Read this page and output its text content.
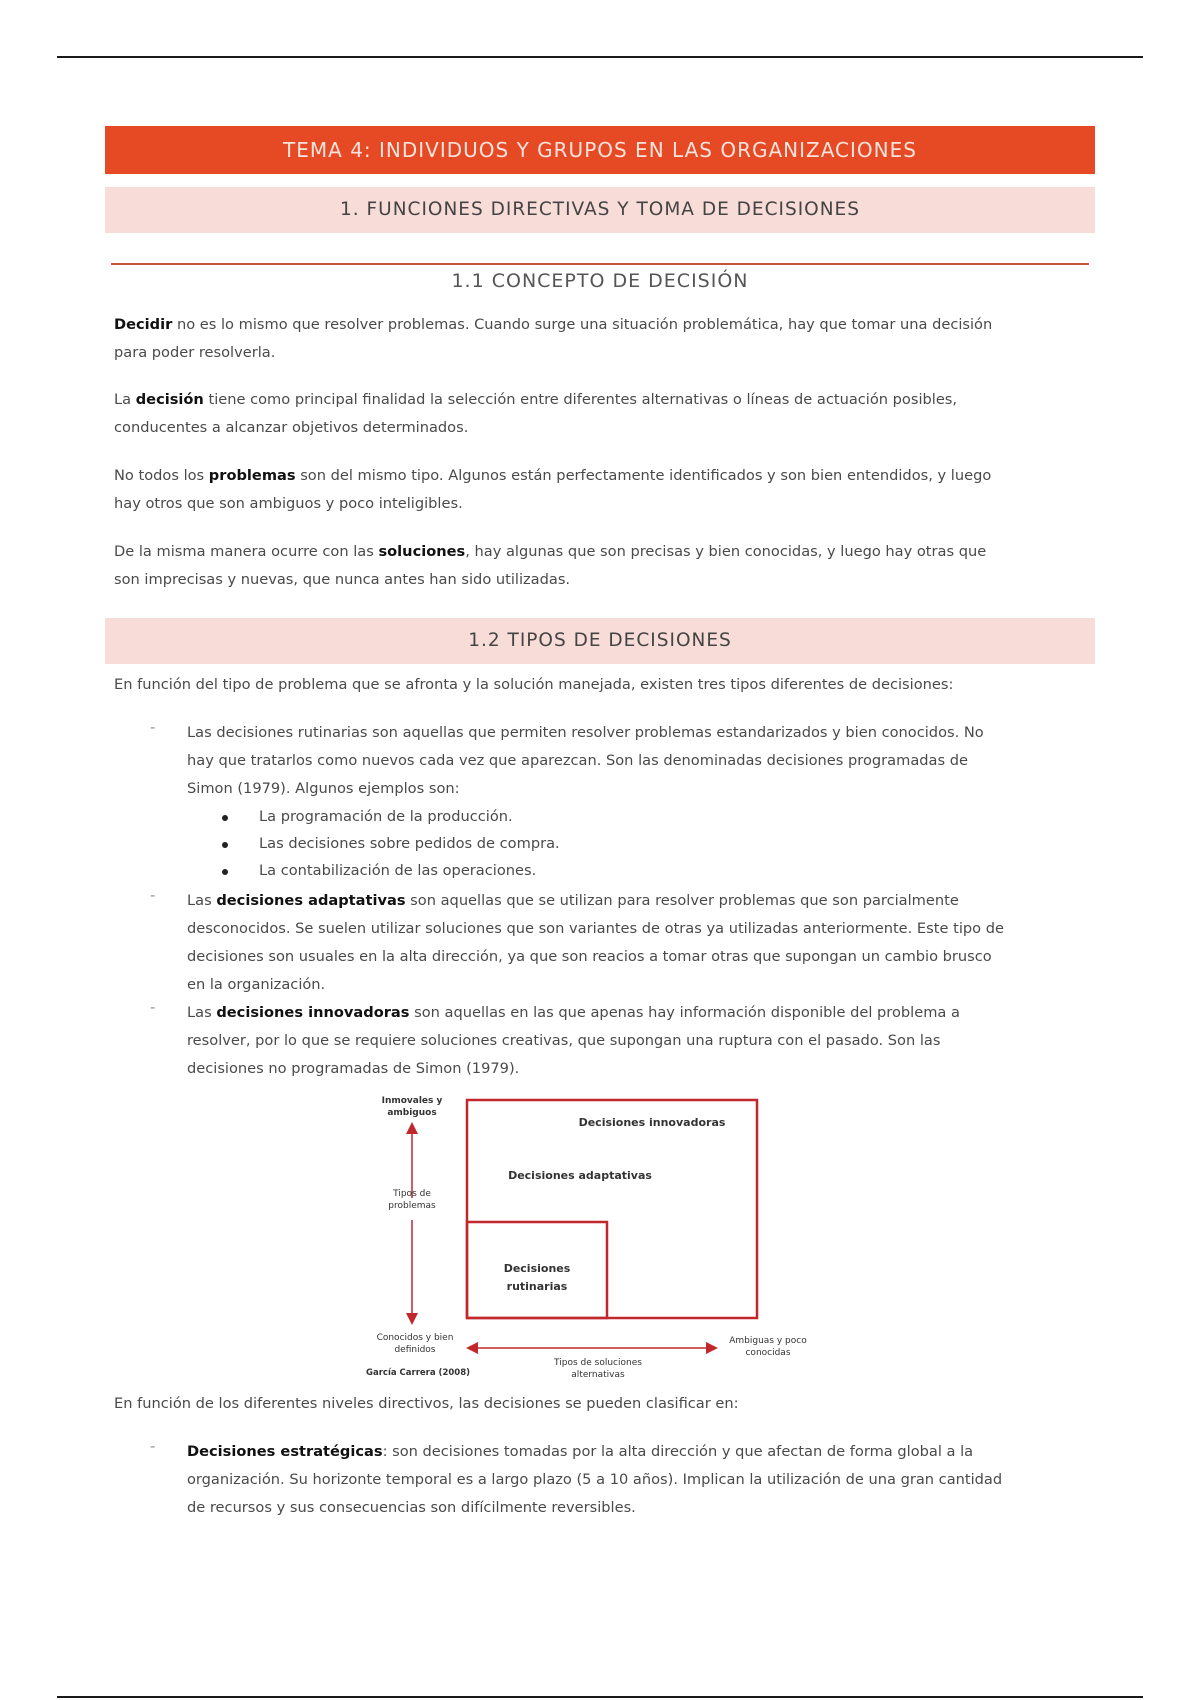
TEMA 4: INDIVIDUOS Y GRUPOS EN LAS ORGANIZACIONES
1. FUNCIONES DIRECTIVAS Y TOMA DE DECISIONES
1.1 CONCEPTO DE DECISIÓN
Decidir no es lo mismo que resolver problemas. Cuando surge una situación problemática, hay que tomar una decisión
para poder resolverla.
La decisión tiene como principal finalidad la selección entre diferentes alternativas o líneas de actuación posibles,
conducentes a alcanzar objetivos determinados.
No todos los problemas son del mismo tipo. Algunos están perfectamente identificados y son bien entendidos, y luego
hay otros que son ambiguos y poco inteligibles.
De la misma manera ocurre con las soluciones, hay algunas que son precisas y bien conocidas, y luego hay otras que
son imprecisas y nuevas, que nunca antes han sido utilizadas.
1.2 TIPOS DE DECISIONES
En función del tipo de problema que se afronta y la solución manejada, existen tres tipos diferentes de decisiones:
- Las decisiones rutinarias son aquellas que permiten resolver problemas estandarizados y bien conocidos. No
hay que tratarlos como nuevos cada vez que aparezcan. Son las denominadas decisiones programadas de
Simon (1979). Algunos ejemplos son:
La programación de la producción.
Las decisiones sobre pedidos de compra.
La contabilización de las operaciones.
- Las decisiones adaptativas son aquellas que se utilizan para resolver problemas que son parcialmente
desconocidos. Se suelen utilizar soluciones que son variantes de otras ya utilizadas anteriormente. Este tipo de
decisiones son usuales en la alta dirección, ya que son reacios a tomar otras que supongan un cambio brusco
en la organización.
- Las decisiones innovadoras son aquellas en las que apenas hay información disponible del problema a
resolver, por lo que se requiere soluciones creativas, que supongan una ruptura con el pasado. Son las
decisiones no programadas de Simon (1979).
Inmovales y
ambiguos
Tipos de
problemas
Conocidos y bien
definidos
Decisiones innovadoras
Decisiones adaptativas
Decisiones
rutinarias
Tipos de soluciones
alternativas
Ambiguas y poco
conocidas
García Carrera (2008)
En función de los diferentes niveles directivos, las decisiones se pueden clasificar en:
- Decisiones estratégicas: son decisiones tomadas por la alta dirección y que afectan de forma global a la
organización. Su horizonte temporal es a largo plazo (5 a 10 años). Implican la utilización de una gran cantidad
de recursos y sus consecuencias son difícilmente reversibles.
